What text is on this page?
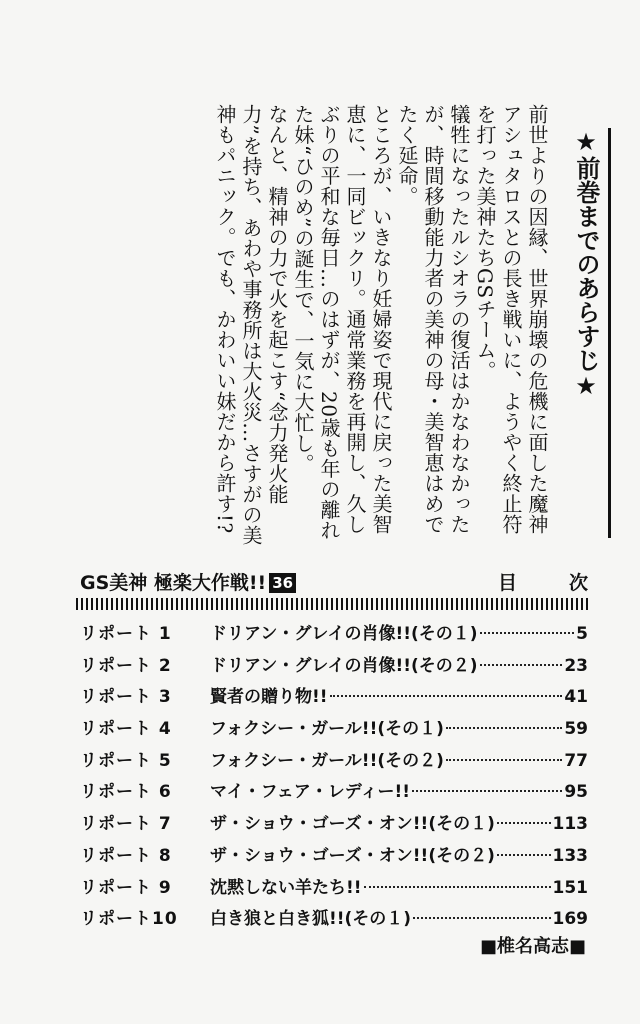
★前巻までのあらすじ★

前世よりの因縁、世界崩壊の危機に面した魔神アシュタロスとの長き戦いに、ようやく終止符を打った美神たちGSチーム。

犠牲になったルシオラの復活はかなわなかったが、時間移動能力者の美神の母・美智恵はめでたく延命。

ところが、いきなり妊婦姿で現代に戻った美智恵に、一同ビックリ。通常業務を再開し、久しぶりの平和な毎日…のはずが、20歳も年の離れた妹“ひのめ”の誕生で、一気に大忙し。

なんと、精神の力で火を起こす“念力発火能力”を持ち、あわや事務所は大火災…さすがの美神もパニック。でも、かわいい妹だから許す!?

GS美神 極楽大作戦!! 36	目次
リポート 1	ドリアン・グレイの肖像!!(その１)	5
リポート 2	ドリアン・グレイの肖像!!(その２)	23
リポート 3	賢者の贈り物!!	41
リポート 4	フォクシー・ガール!!(その１)	59
リポート 5	フォクシー・ガール!!(その２)	77
リポート 6	マイ・フェア・レディー!!	95
リポート 7	ザ・ショウ・ゴーズ・オン!!(その１)	113
リポート 8	ザ・ショウ・ゴーズ・オン!!(その２)	133
リポート 9	沈黙しない羊たち!!	151
リポート10	白き狼と白き狐!!(その１)	169
■椎名高志■
